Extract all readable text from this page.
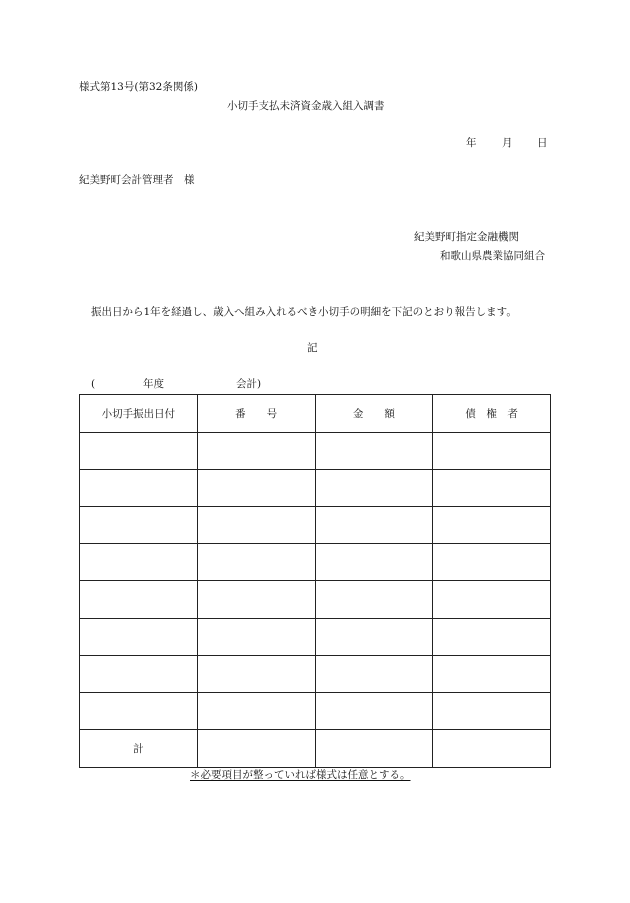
様式第13号(第32条関係)
小切手支払未済資金歳入組入調書
年 月 日
紀美野町会計管理者　様
紀美野町指定金融機関
和歌山県農業協同組合
振出日から1年を経過し、歳入へ組み入れるべき小切手の明細を下記のとおり報告します。
記
(	年度	会計)
小切手振出日付	番　　号	金　　額	債　権　者

計			
＊必要項目が整っていれば様式は任意とする。
